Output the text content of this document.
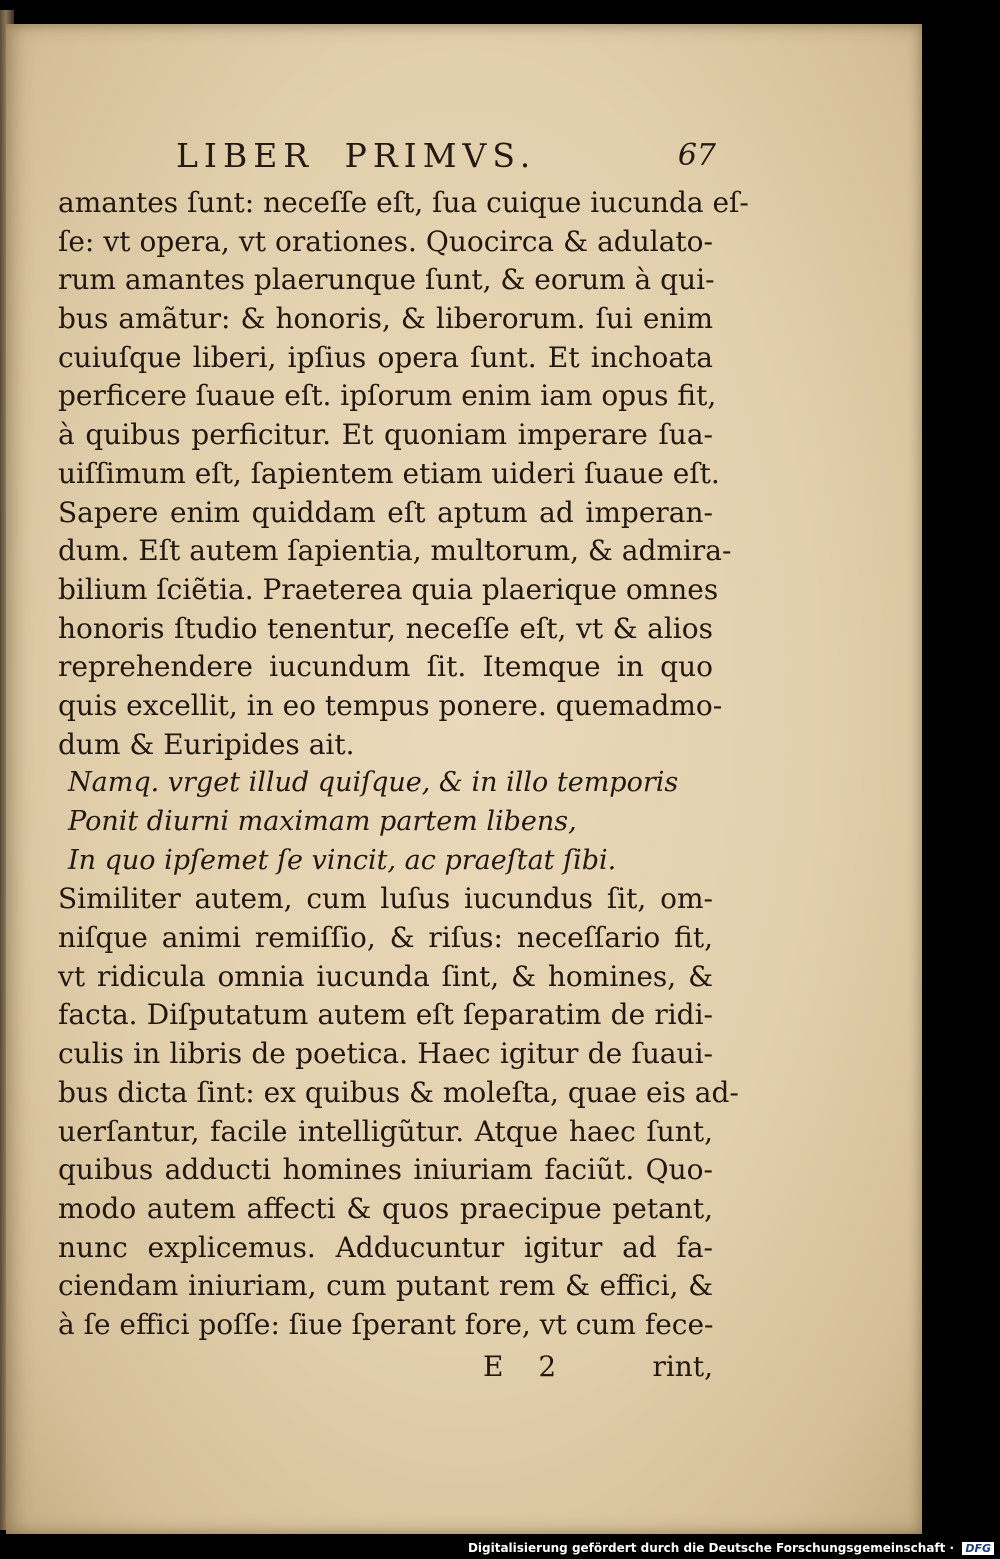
LIBER PRIMVS.	67
amantes ſunt: neceſſe eſt, ſua cuique iucunda eſ-
ſe: vt opera, vt orationes. Quocirca & adulato-
rum amantes plaerunque ſunt, & eorum à qui-
bus amãtur: & honoris, & liberorum. ſui enim
cuiuſque liberi, ipſius opera ſunt. Et inchoata
perficere ſuaue eſt. ipſorum enim iam opus fit,
à quibus perficitur. Et quoniam imperare ſua-
uiſſimum eſt, ſapientem etiam uideri ſuaue eſt.
Sapere enim quiddam eſt aptum ad imperan-
dum. Eſt autem ſapientia, multorum, & admira-
bilium ſciẽtia. Praeterea quia plaerique omnes
honoris ſtudio tenentur, neceſſe eſt, vt & alios
reprehendere iucundum ſit. Itemque in quo
quis excellit, in eo tempus ponere. quemadmo-
dum & Euripides ait.
Namq. vrget illud quiſque, & in illo temporis
Ponit diurni maximam partem libens,
In quo ipſemet ſe vincit, ac praeſtat ſibi.
Similiter autem, cum luſus iucundus ſit, om-
niſque animi remiſſio, & riſus: neceſſario fit,
vt ridicula omnia iucunda ſint, & homines, &
facta. Diſputatum autem eſt ſeparatim de ridi-
culis in libris de poetica. Haec igitur de ſuaui-
bus dicta ſint: ex quibus & moleſta, quae eis ad-
uerſantur, facile intelligũtur. Atque haec ſunt,
quibus adducti homines iniuriam faciũt. Quo-
modo autem affecti & quos praecipue petant,
nunc explicemus. Adducuntur igitur ad fa-
ciendam iniuriam, cum putant rem & effici, &
à ſe effici poſſe: ſiue ſperant fore, vt cum fece-
E 2	rint,
Digitalisierung gefördert durch die Deutsche Forschungsgemeinschaft · DFG
